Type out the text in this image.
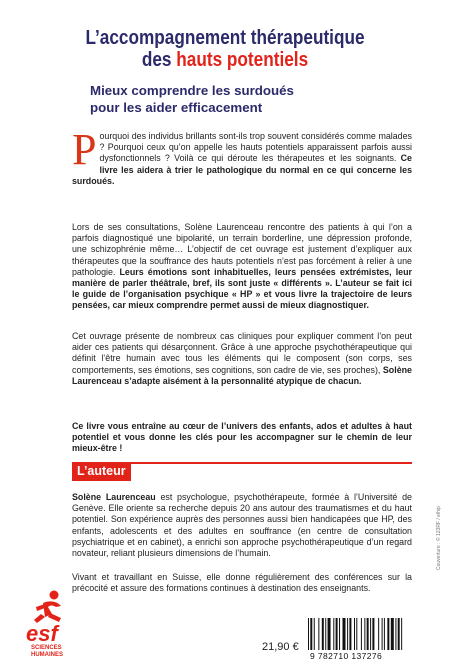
L’accompagnement thérapeutique
des hauts potentiels
Mieux comprendre les surdoués
pour les aider efficacement

Pourquoi des individus brillants sont-ils trop souvent considérés comme malades ? Pourquoi ceux qu’on appelle les hauts potentiels apparaissent parfois aussi dysfonctionnels ? Voilà ce qui déroute les thérapeutes et les soignants. Ce livre les aidera à trier le pathologique du normal en ce qui concerne les surdoués.

Lors de ses consultations, Solène Laurenceau rencontre des patients à qui l’on a parfois diagnostiqué une bipolarité, un terrain borderline, une dépression profonde, une schizophrénie même… L’objectif de cet ouvrage est justement d’expliquer aux thérapeutes que la souffrance des hauts potentiels n’est pas forcément à relier à une pathologie. Leurs émotions sont inhabituelles, leurs pensées extrémistes, leur manière de parler théâtrale, bref, ils sont juste « différents ». L’auteur se fait ici le guide de l’organisation psychique « HP » et vous livre la trajectoire de leurs pensées, car mieux comprendre permet aussi de mieux diagnostiquer.

Cet ouvrage présente de nombreux cas cliniques pour expliquer comment l’on peut aider ces patients qui désarçonnent. Grâce à une approche psychothérapeutique qui définit l’être humain avec tous les éléments qui le composent (son corps, ses comportements, ses émotions, ses cognitions, son cadre de vie, ses proches), Solène Laurenceau s’adapte aisément à la personnalité atypique de chacun.

Ce livre vous entraîne au cœur de l’univers des enfants, ados et adultes à haut potentiel et vous donne les clés pour les accompagner sur le chemin de leur mieux-être !

L’auteur

Solène Laurenceau est psychologue, psychothérapeute, formée à l’Université de Genève. Elle oriente sa recherche depuis 20 ans autour des traumatismes et du haut potentiel. Son expérience auprès des personnes aussi bien handicapées que HP, des enfants, adolescents et des adultes en souffrance (en centre de consultation psychiatrique et en cabinet), a enrichi son approche psychothérapeutique d’un regard novateur, reliant plusieurs dimensions de l’humain.

Vivant et travaillant en Suisse, elle donne régulièrement des conférences sur la précocité et assure des formations continues à destination des enseignants.

esf
SCIENCES
HUMAINES
21,90 €
9 782710 137276
Couverture : © 123RF / elhip
